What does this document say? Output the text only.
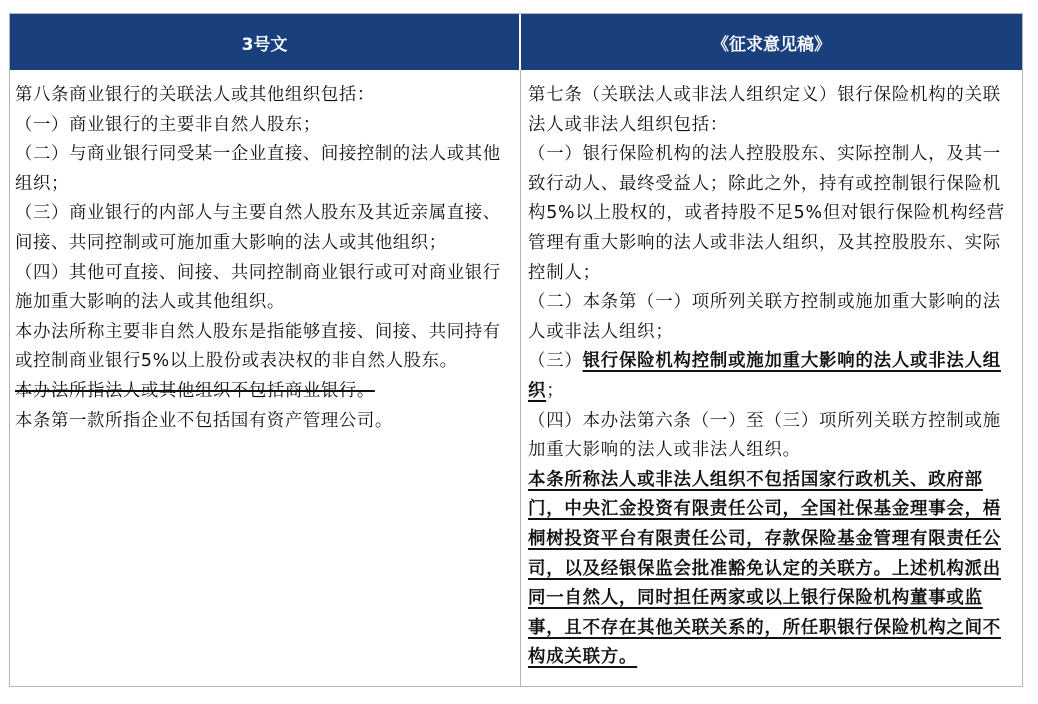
3号文	《征求意见稿》

第八条商业银行的关联法人或其他组织包括：

（一）商业银行的主要非自然人股东；

（二）与商业银行同受某一企业直接、间接控制的法人或其他组织；

（三）商业银行的内部人与主要自然人股东及其近亲属直接、间接、共同控制或可施加重大影响的法人或其他组织；

（四）其他可直接、间接、共同控制商业银行或可对商业银行施加重大影响的法人或其他组织。

本办法所称主要非自然人股东是指能够直接、间接、共同持有或控制商业银行5%以上股份或表决权的非自然人股东。

本办法所指法人或其他组织不包括商业银行。

本条第一款所指企业不包括国有资产管理公司。

第七条（关联法人或非法人组织定义）银行保险机构的关联法人或非法人组织包括：

（一）银行保险机构的法人控股股东、实际控制人，及其一致行动人、最终受益人；除此之外，持有或控制银行保险机构5%以上股权的，或者持股不足5%但对银行保险机构经营管理有重大影响的法人或非法人组织，及其控股股东、实际控制人；

（二）本条第（一）项所列关联方控制或施加重大影响的法人或非法人组织；

（三）银行保险机构控制或施加重大影响的法人或非法人组织；

（四）本办法第六条（一）至（三）项所列关联方控制或施加重大影响的法人或非法人组织。

本条所称法人或非法人组织不包括国家行政机关、政府部门，中央汇金投资有限责任公司，全国社保基金理事会，梧桐树投资平台有限责任公司，存款保险基金管理有限责任公司，以及经银保监会批准豁免认定的关联方。上述机构派出同一自然人，同时担任两家或以上银行保险机构董事或监事，且不存在其他关联关系的，所任职银行保险机构之间不构成关联方。
